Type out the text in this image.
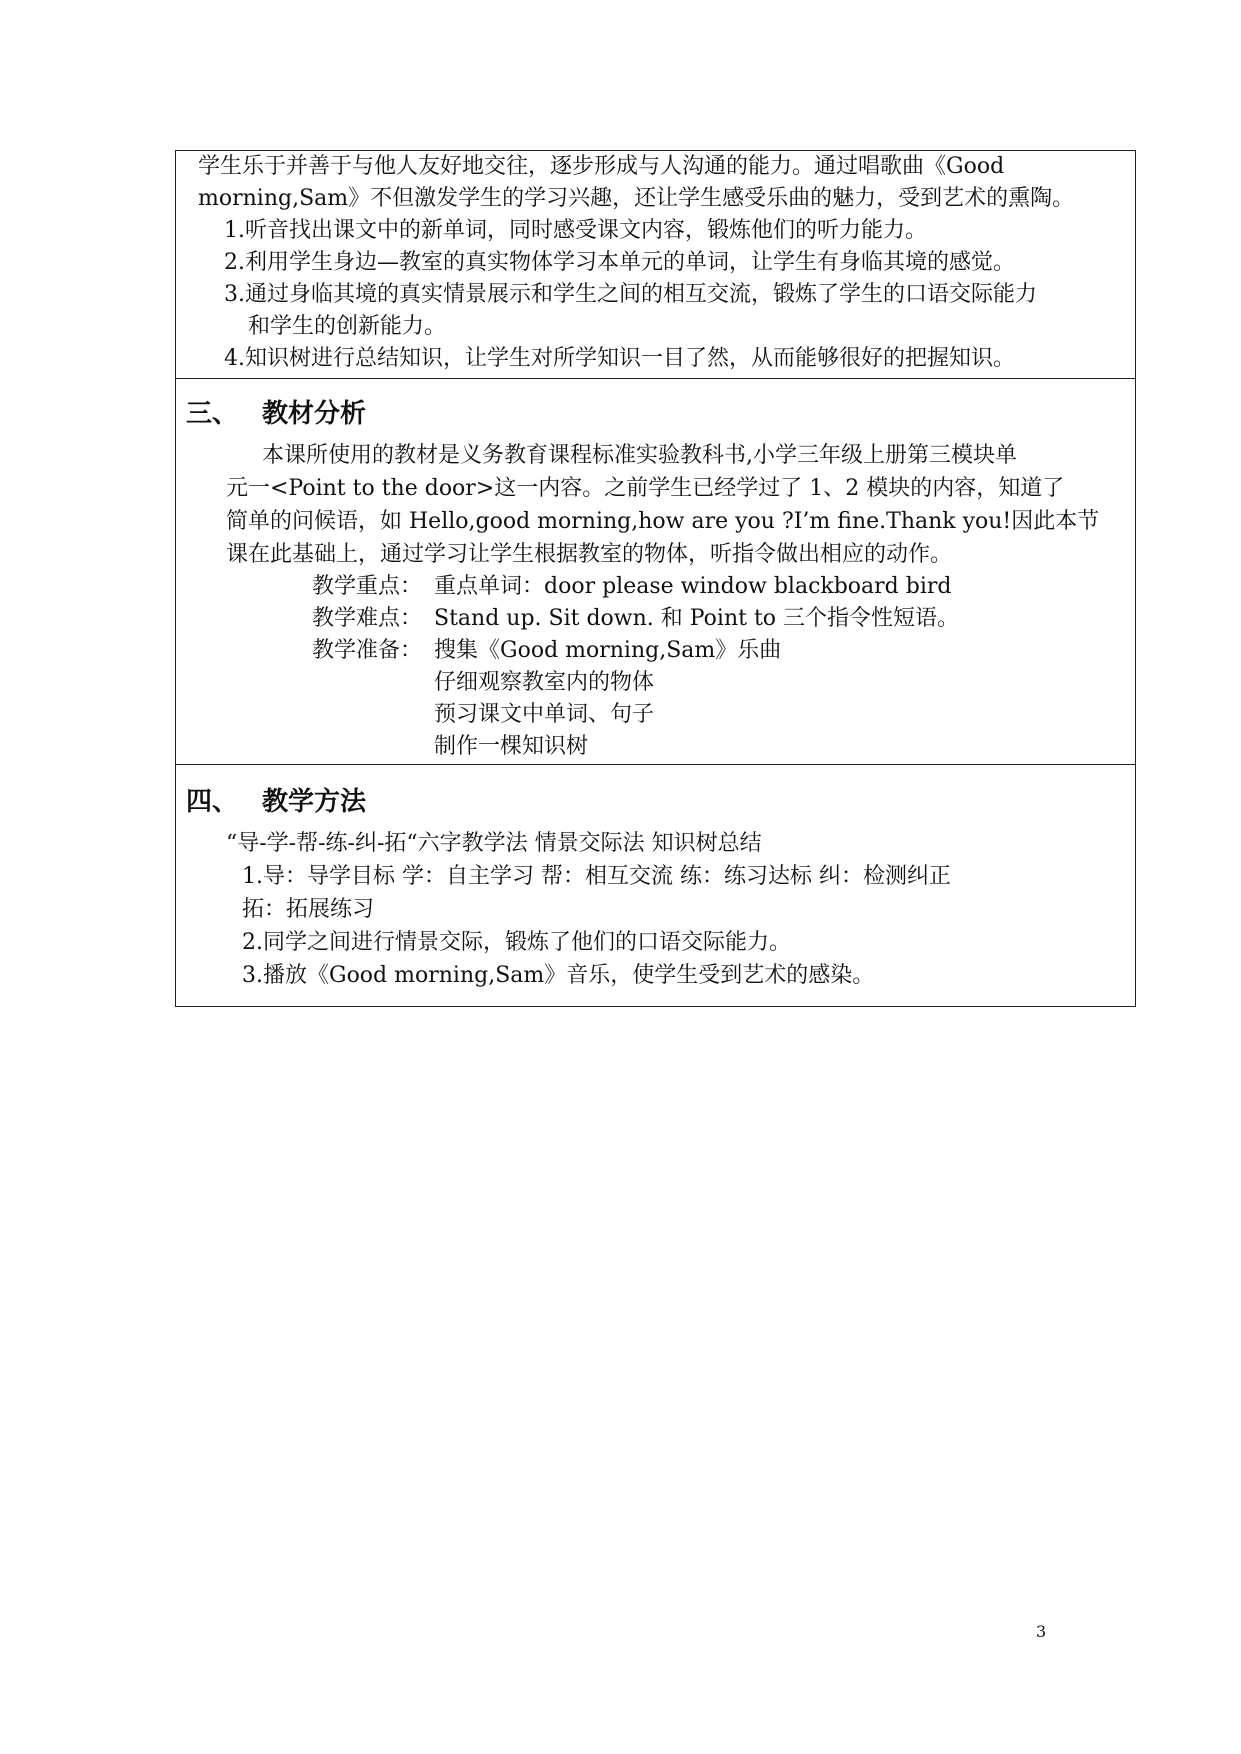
学生乐于并善于与他人友好地交往，逐步形成与人沟通的能力。通过唱歌曲《Good
morning,Sam》不但激发学生的学习兴趣，还让学生感受乐曲的魅力，受到艺术的熏陶。
1.听音找出课文中的新单词，同时感受课文内容，锻炼他们的听力能力。
2.利用学生身边—教室的真实物体学习本单元的单词，让学生有身临其境的感觉。
3.通过身临其境的真实情景展示和学生之间的相互交流，锻炼了学生的口语交际能力
和学生的创新能力。
4.知识树进行总结知识，让学生对所学知识一目了然，从而能够很好的把握知识。
三、 教材分析
本课所使用的教材是义务教育课程标准实验教科书,小学三年级上册第三模块单
元一<Point to the door>这一内容。之前学生已经学过了 1、2 模块的内容，知道了
简单的问候语，如 Hello,good morning,how are you ?I’m fine.Thank you!因此本节
课在此基础上，通过学习让学生根据教室的物体，听指令做出相应的动作。
教学重点： 重点单词：door please window blackboard bird
教学难点： Stand up. Sit down. 和 Point to 三个指令性短语。
教学准备： 搜集《Good morning,Sam》乐曲
仔细观察教室内的物体
预习课文中单词、句子
制作一棵知识树
四、 教学方法
“导-学-帮-练-纠-拓“六字教学法 情景交际法 知识树总结
1.导：导学目标 学：自主学习 帮：相互交流 练：练习达标 纠：检测纠正
拓：拓展练习
2.同学之间进行情景交际，锻炼了他们的口语交际能力。
3.播放《Good morning,Sam》音乐，使学生受到艺术的感染。
3
